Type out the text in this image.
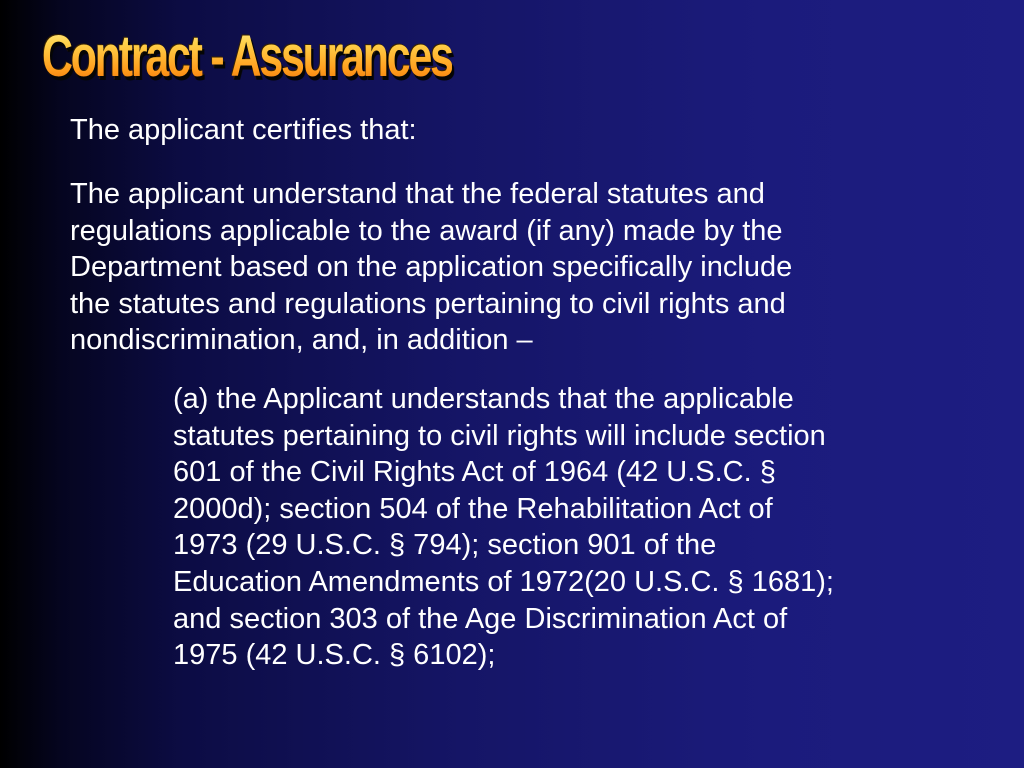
Contract - Assurances

The applicant certifies that:

The applicant understand that the federal statutes and
regulations applicable to the award (if any) made by the
Department based on the application specifically include
the statutes and regulations pertaining to civil rights and
nondiscrimination, and, in addition –
(a) the Applicant understands that the applicable
statutes pertaining to civil rights will include section
601 of the Civil Rights Act of 1964 (42 U.S.C. §
2000d); section 504 of the Rehabilitation Act of
1973 (29 U.S.C. § 794); section 901 of the
Education Amendments of 1972(20 U.S.C. § 1681);
and section 303 of the Age Discrimination Act of
1975 (42 U.S.C. § 6102);
